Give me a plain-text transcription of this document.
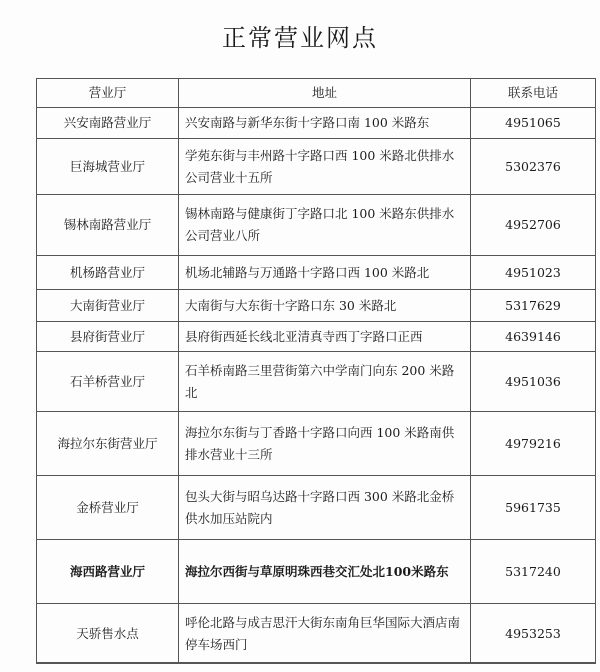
正常营业网点
营业厅	地址	联系电话
兴安南路营业厅	兴安南路与新华东街十字路口南 100 米路东	4951065
巨海城营业厅	学苑东街与丰州路十字路口西 100 米路北供排水公司营业十五所	5302376
锡林南路营业厅	锡林南路与健康街丁字路口北 100 米路东供排水公司营业八所	4952706
机杨路营业厅	机场北辅路与万通路十字路口西 100 米路北	4951023
大南街营业厅	大南街与大东街十字路口东 30 米路北	5317629
县府街营业厅	县府街西延长线北亚清真寺西丁字路口正西	4639146
石羊桥营业厅	石羊桥南路三里营街第六中学南门向东 200 米路北	4951036
海拉尔东街营业厅	海拉尔东街与丁香路十字路口向西 100 米路南供排水营业十三所	4979216
金桥营业厅	包头大街与昭乌达路十字路口西 300 米路北金桥供水加压站院内	5961735
海西路营业厅	海拉尔西街与草原明珠西巷交汇处北100米路东	5317240
天骄售水点	呼伦北路与成吉思汗大街东南角巨华国际大酒店南停车场西门	4953253
